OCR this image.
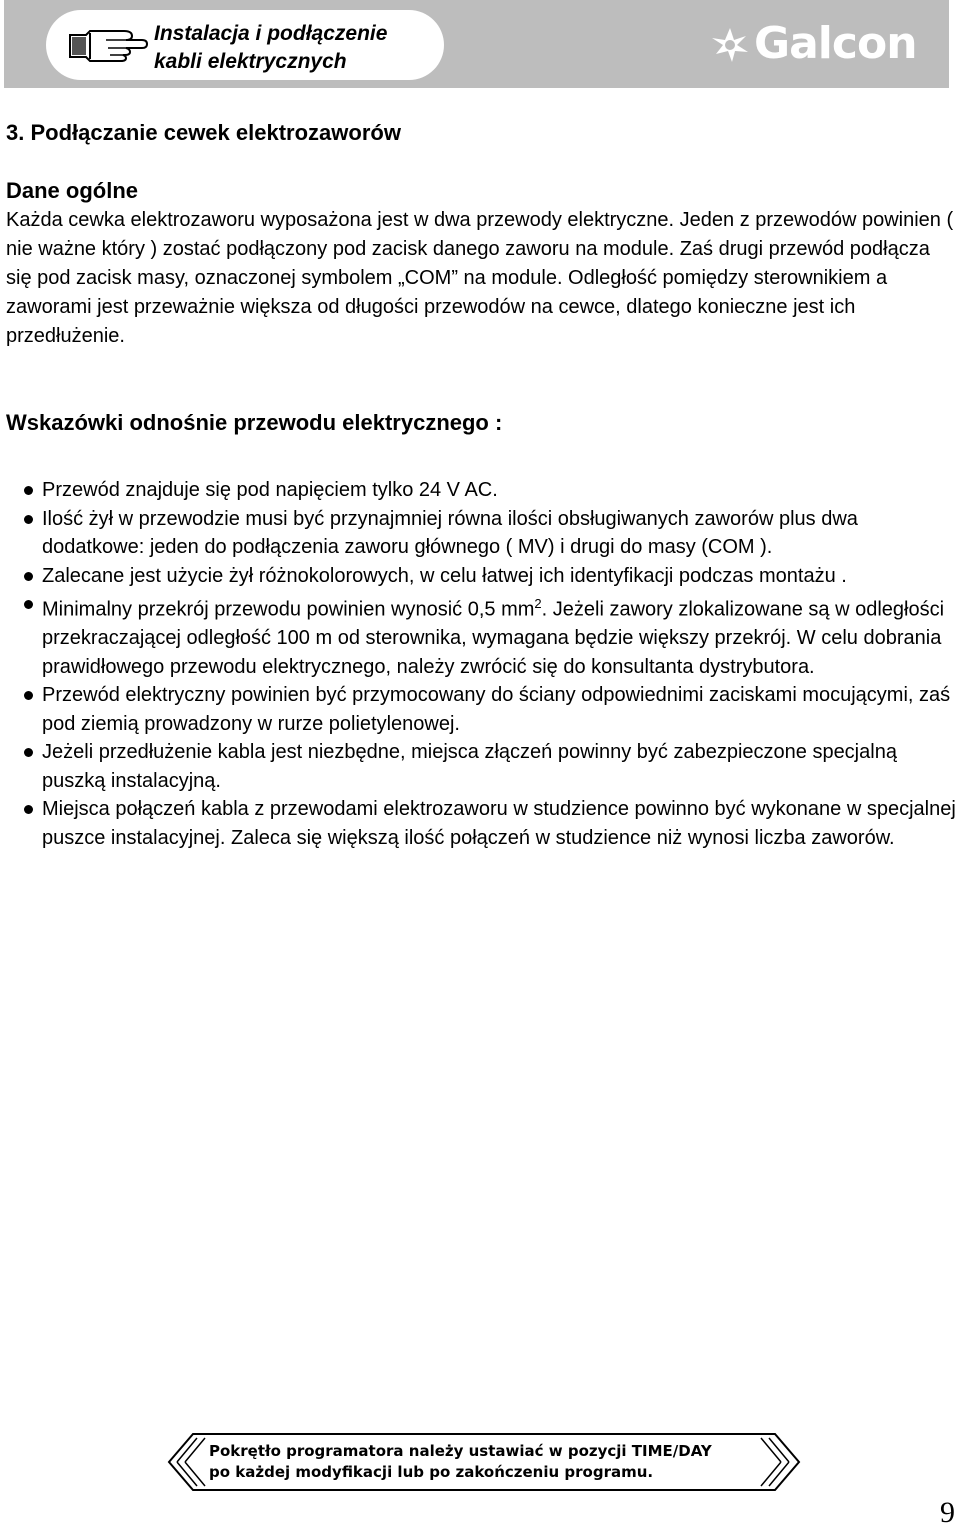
Instalacja i podłączenie
kabli elektrycznych	Galcon
3. Podłączanie cewek elektrozaworów
Dane ogólne

Każda cewka elektrozaworu wyposażona jest w dwa przewody elektryczne. Jeden z przewodów powinien ( nie ważne który ) zostać podłączony pod zacisk danego zaworu na module. Zaś drugi przewód podłącza się pod zacisk masy, oznaczonej symbolem „COM” na module. Odległość pomiędzy sterownikiem a zaworami jest przeważnie większa od długości przewodów na cewce, dlatego konieczne jest ich przedłużenie.

Wskazówki odnośnie przewodu elektrycznego :
Przewód znajduje się pod napięciem tylko 24 V AC.
Ilość żył w przewodzie musi być przynajmniej równa ilości obsługiwanych zaworów plus dwa dodatkowe: jeden do podłączenia zaworu głównego ( MV) i drugi do masy (COM ).
Zalecane jest użycie żył różnokolorowych, w celu łatwej ich identyfikacji podczas montażu .
Minimalny przekrój przewodu powinien wynosić 0,5 $mm^2$. Jeżeli zawory zlokalizowane są w odległości przekraczającej odległość 100 m od sterownika, wymagana będzie większy przekrój. W celu dobrania prawidłowego przewodu elektrycznego, należy zwrócić się do konsultanta dystrybutora.
Przewód elektryczny powinien być przymocowany do ściany odpowiednimi zaciskami mocującymi, zaś pod ziemią prowadzony w rurze polietylenowej.
Jeżeli przedłużenie kabla jest niezbędne, miejsca złączeń powinny być zabezpieczone specjalną puszką instalacyjną.
Miejsca połączeń kabla z przewodami elektrozaworu w studzience powinno być wykonane w specjalnej puszce instalacyjnej. Zaleca się większą ilość połączeń w studzience niż wynosi liczba zaworów.
Pokrętło programatora należy ustawiać w pozycji TIME/DAY
po każdej modyfikacji lub po zakończeniu programu.
9
